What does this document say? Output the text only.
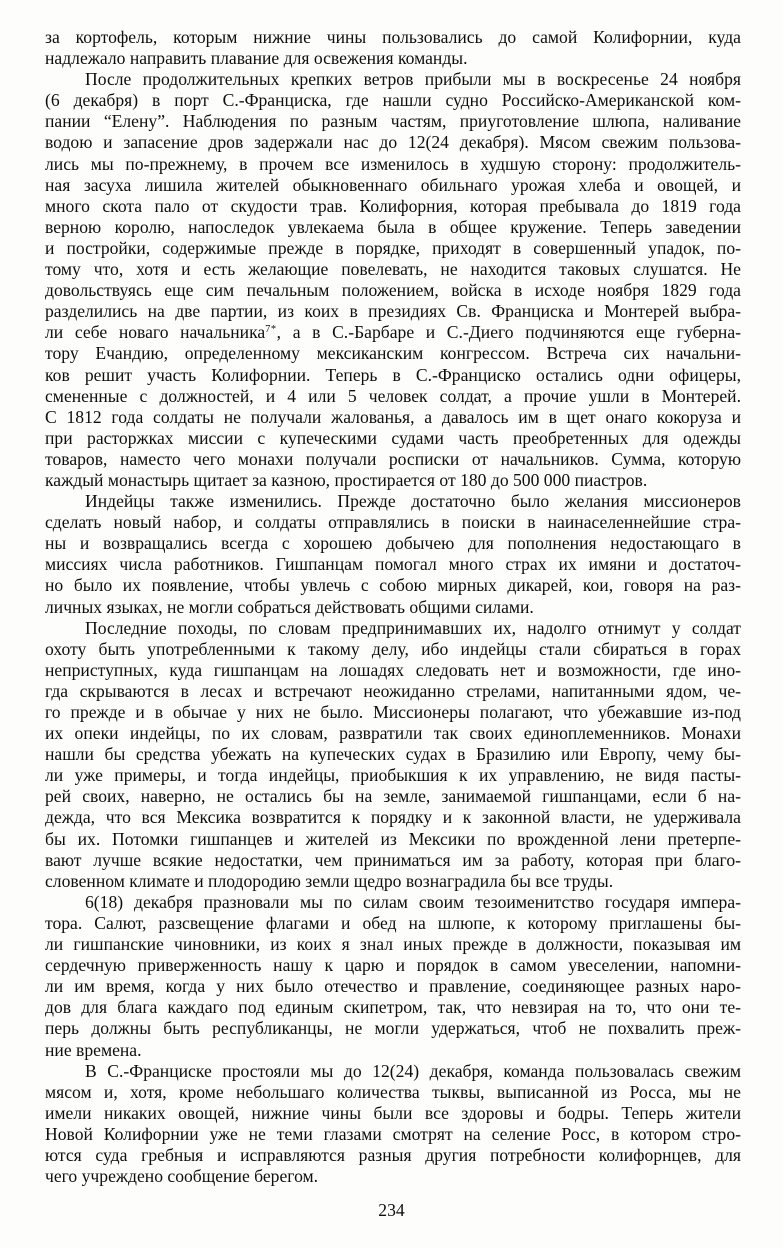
за кортофель, которым нижние чины пользовались до самой Колифорнии, куда
надлежало направить плавание для освежения команды.

После продолжительных крепких ветров прибыли мы в воскресенье 24 ноября
(6 декабря) в порт С.-Франциска, где нашли судно Российско-Американской ком-
пании “Елену”. Наблюдения по разным частям, приуготовление шлюпа, наливание
водою и запасение дров задержали нас до 12(24 декабря). Мясом свежим пользова-
лись мы по-прежнему, в прочем все изменилось в худшую сторону: продолжитель-
ная засуха лишила жителей обыкновеннаго обильнаго урожая хлеба и овощей, и
много скота пало от скудости трав. Колифорния, которая пребывала до 1819 года
верною королю, напоследок увлекаема была в общее кружение. Теперь заведении
и постройки, содержимые прежде в порядке, приходят в совершенный упадок, по-
тому что, хотя и есть желающие повелевать, не находится таковых слушатся. Не
довольствуясь еще сим печальным положением, войска в исходе ноября 1829 года
разделились на две партии, из коих в президиях Св. Франциска и Монтерей выбра-
ли себе новаго начальника$^{7*}$, а в С.-Барбаре и С.-Диего подчиняются еще губерна-
тору Ечандию, определенному мексиканским конгрессом. Встреча сих начальни-
ков решит участь Колифорнии. Теперь в С.-Франциско остались одни офицеры,
смененные с должностей, и 4 или 5 человек солдат, а прочие ушли в Монтерей.
С 1812 года солдаты не получали жалованья, а давалось им в щет онаго кокоруза и
при расторжках миссии с купеческими судами часть преобретенных для одежды
товаров, наместо чего монахи получали росписки от начальников. Сумма, которую
каждый монастырь щитает за казною, простирается от 180 до 500 000 пиастров.

Индейцы также изменились. Прежде достаточно было желания миссионеров
сделать новый набор, и солдаты отправлялись в поиски в наинаселеннейшие стра-
ны и возвращались всегда с хорошею добычею для пополнения недостающаго в
миссиях числа работников. Гишпанцам помогал много страх их имяни и достаточ-
но было их появление, чтобы увлечь с собою мирных дикарей, кои, говоря на раз-
личных языках, не могли собраться действовать общими силами.

Последние походы, по словам предпринимавших их, надолго отнимут у солдат
охоту быть употребленными к такому делу, ибо индейцы стали сбираться в горах
неприступных, куда гишпанцам на лошадях следовать нет и возможности, где ино-
гда скрываются в лесах и встречают неожиданно стрелами, напитанными ядом, че-
го прежде и в обычае у них не было. Миссионеры полагают, что убежавшие из-под
их опеки индейцы, по их словам, развратили так своих единоплеменников. Монахи
нашли бы средства убежать на купеческих судах в Бразилию или Европу, чему бы-
ли уже примеры, и тогда индейцы, приобыкшия к их управлению, не видя пасты-
рей своих, наверно, не остались бы на земле, занимаемой гишпанцами, если б на-
дежда, что вся Мексика возвратится к порядку и к законной власти, не удерживала
бы их. Потомки гишпанцев и жителей из Мексики по врожденной лени претерпе-
вают лучше всякие недостатки, чем приниматься им за работу, которая при благо-
словенном климате и плодородию земли щедро вознаградила бы все труды.

6(18) декабря празновали мы по силам своим тезоименитство государя импера-
тора. Салют, разсвещение флагами и обед на шлюпе, к которому приглашены бы-
ли гишпанские чиновники, из коих я знал иных прежде в должности, показывая им
сердечную приверженность нашу к царю и порядок в самом увеселении, напомни-
ли им время, когда у них было отечество и правление, соединяющее разных наро-
дов для блага каждаго под единым скипетром, так, что невзирая на то, что они те-
перь должны быть республиканцы, не могли удержаться, чтоб не похвалить преж-
ние времена.

В С.-Франциске простояли мы до 12(24) декабря, команда пользовалась свежим
мясом и, хотя, кроме небольшаго количества тыквы, выписанной из Росса, мы не
имели никаких овощей, нижние чины были все здоровы и бодры. Теперь жители
Новой Колифорнии уже не теми глазами смотрят на селение Росс, в котором стро-
ются суда гребныя и исправляются разныя другия потребности колифорнцев, для
чего учреждено сообщение берегом.

234
